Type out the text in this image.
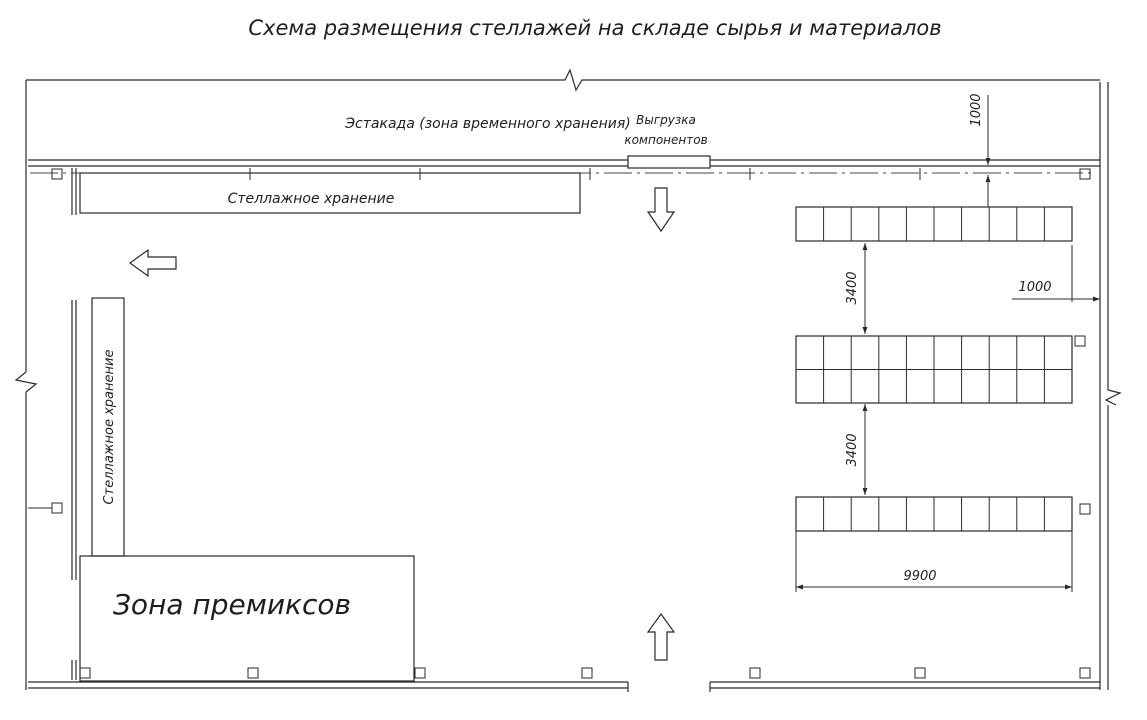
Схема размещения стеллажей на складе сырья и материалов
Стеллажное хранение
Стеллажное хранение
Зона премиксов
Эстакада (зона временного хранения) Выгрузка
компонентов
1000
1000
3400
3400
9900
